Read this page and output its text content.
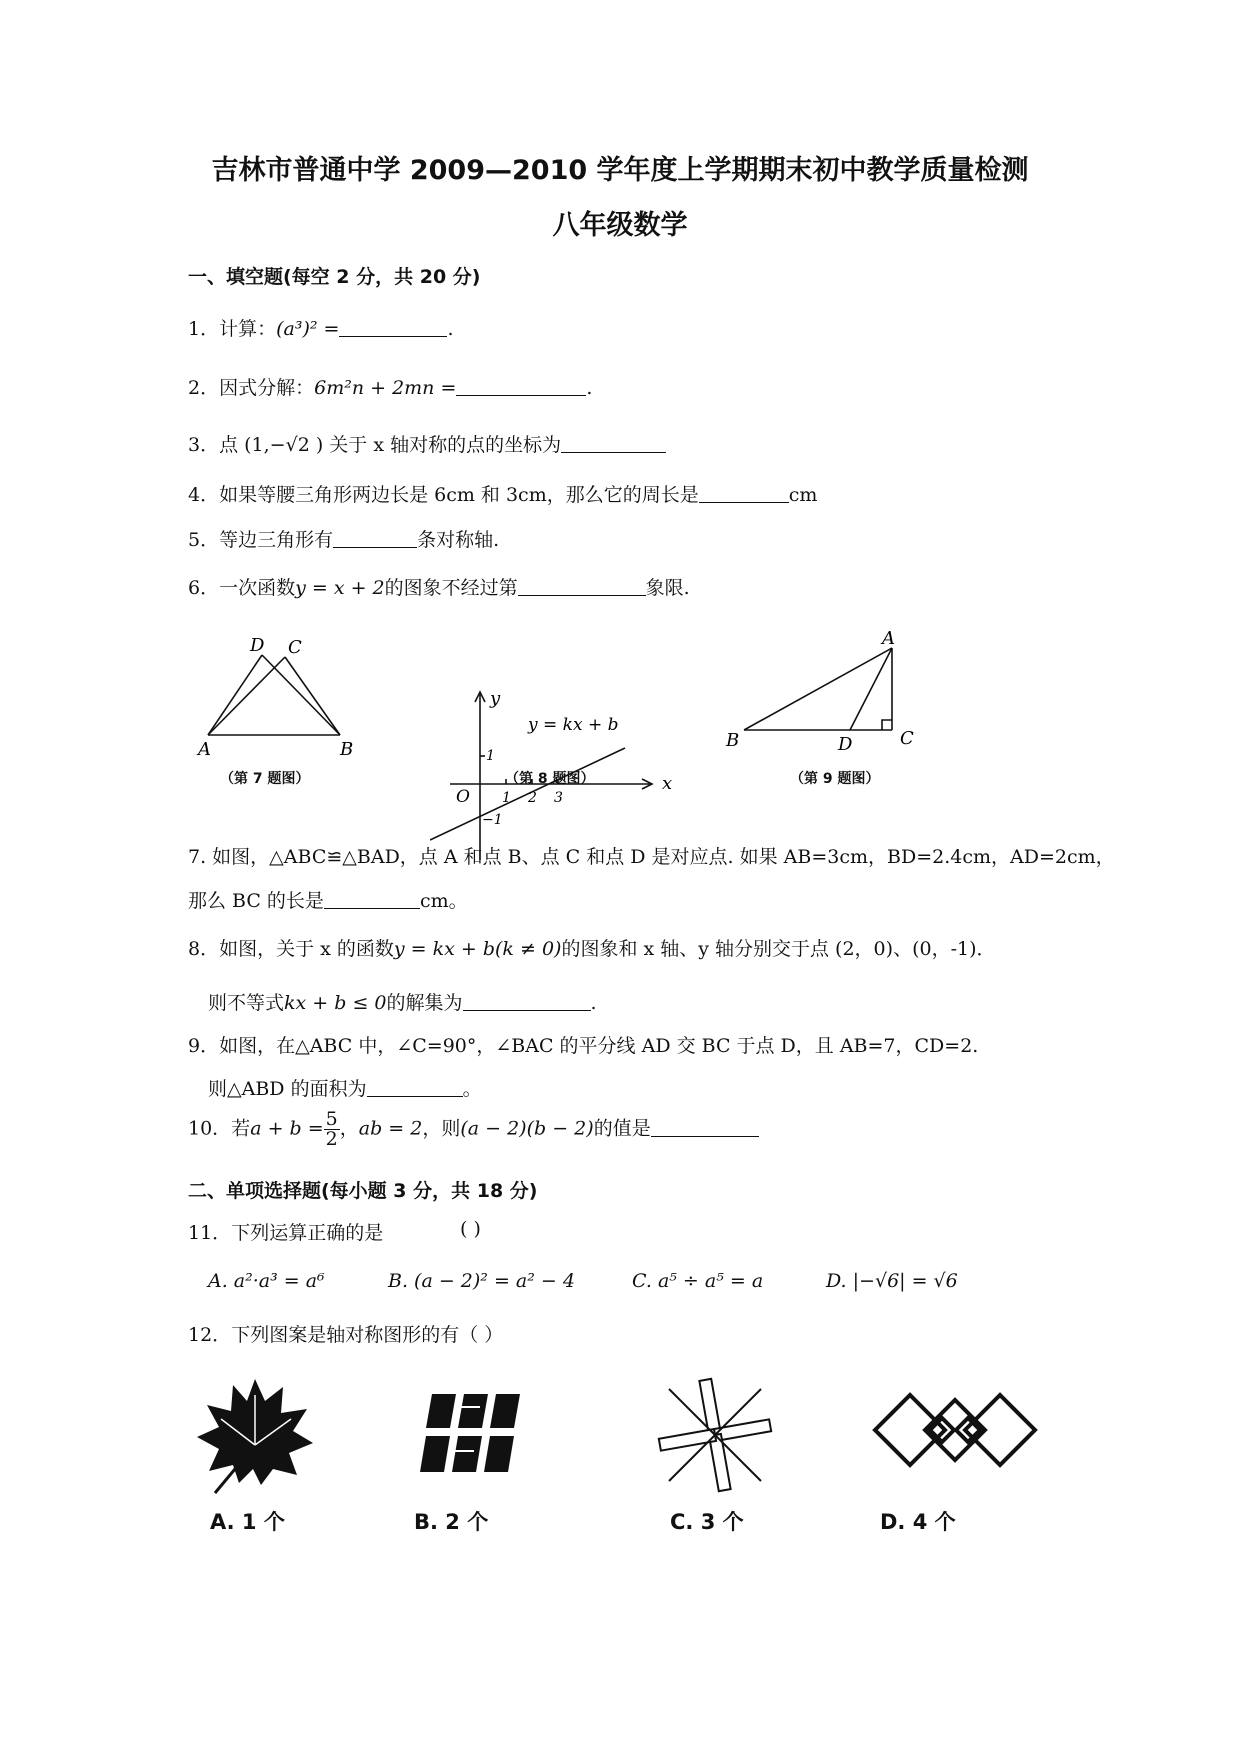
吉林市普通中学 2009—2010 学年度上学期期末初中教学质量检测
八年级数学
一、填空题(每空 2 分，共 20 分)
1．计算：(a³)² =	.
2．因式分解：6m²n + 2mn =	.
3．点 (1,−√2 ) 关于 x 轴对称的点的坐标为
4．如果等腰三角形两边长是 6cm 和 3cm，那么它的周长是	cm
5．等边三角形有	条对称轴.
6．一次函数y = x + 2的图象不经过第	象限.
D C
A	B
（第 7 题图）
y
x
O
y = kx + b
1
1 2 3
−1
（第 8 题图）
A
B	D	C
（第 9 题图）
7. 如图，△ABC≌△BAD，点 A 和点 B、点 C 和点 D 是对应点. 如果 AB=3cm，BD=2.4cm，AD=2cm，
那么 BC 的长是	cm。
8．如图，关于 x 的函数y = kx + b(k ≠ 0)的图象和 x 轴、y 轴分别交于点 (2，0)、(0，-1)．
则不等式kx + b ≤ 0的解集为	.
9．如图，在△ABC 中，∠C=90°，∠BAC 的平分线 AD 交 BC 于点 D，且 AB=7，CD=2.
则△ABD 的面积为	。
10．若$a + b = \frac{5}{2}$ ，ab = 2，则(a − 2)(b − 2)的值是
二、单项选择题(每小题 3 分，共 18 分)
11．下列运算正确的是	( )
A. a²·a³ = a⁶	B. (a − 2)² = a² − 4	C. a⁵ ÷ a⁵ = a	D. |−√6| = √6
12．下列图案是轴对称图形的有（ ）
A. 1 个	B. 2 个	C. 3 个	D. 4 个
